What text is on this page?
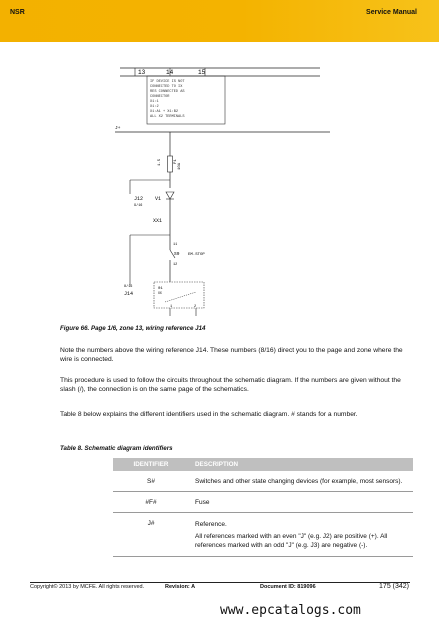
NSR	Service Manual
13	14	15
IF DEVICE IS NOT
CONNECTED TO IX
RES CONNECTED AS
CONNECTOR
X1:1
X1:2
X1:A1 + X1:B2
ALL X2 TERMINALS
J+
1.5	F1
10A
J12
9/16
V1
XX1
8/16
J14
11
S9 EM.STOP
12
01
XX
1	2
Figure 66. Page 1/6, zone 13, wiring reference J14
Note the numbers above the wiring reference J14. These numbers (8/16) direct you to the page and zone where the wire is connected.
This procedure is used to follow the circuits throughout the schematic diagram. If the numbers are given without the slash (/), the connection is on the same page of the schematics.
Table 8 below explains the different identifiers used in the schematic diagram. # stands for a number.
Table 8. Schematic diagram identifiers
IDENTIFIER	DESCRIPTION
S#	Switches and other state changing devices (for example, most sensors).
#F#	Fuse
J#	Reference.
All references marked with an even "J" (e.g. J2) are positive (+). All references marked with an odd "J" (e.g. J3) are negative (-).
Copyright© 2013 by MCFE. All rights reserved.	Revision: A	Document ID: 819096	175 (342)
www.epcatalogs.com
